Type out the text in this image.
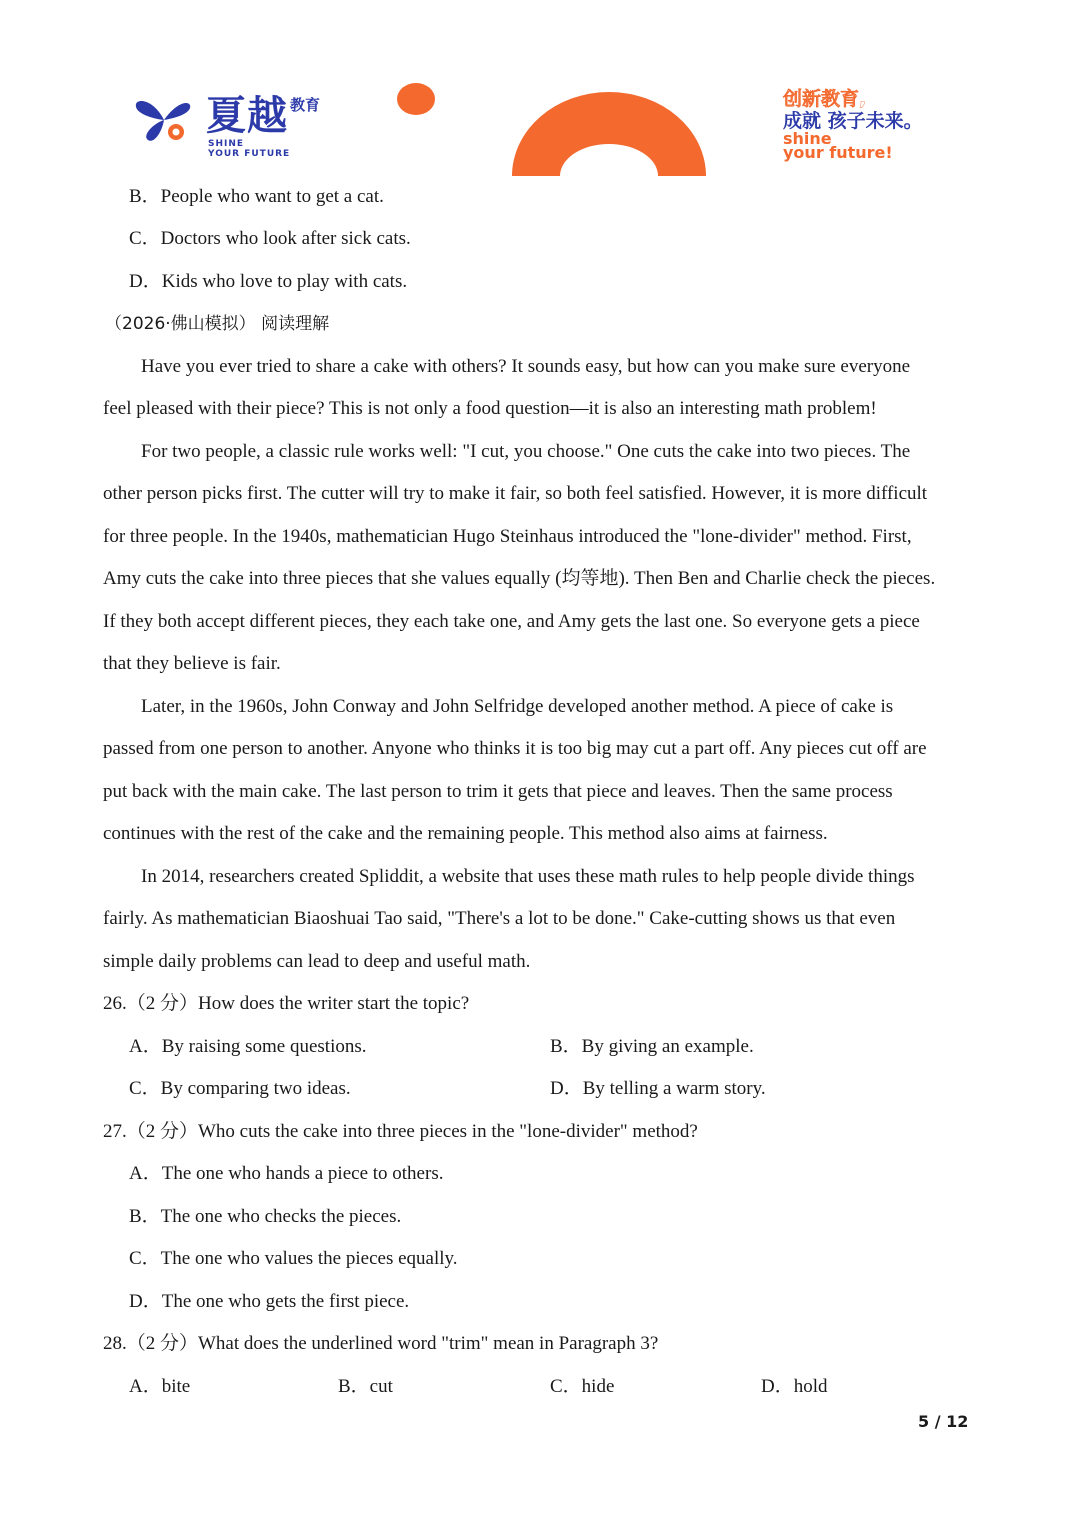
夏越 教育
SHINE
YOUR FUTURE
创新教育,
成就 孩子未来。
shine
your future!
B．People who want to get a cat.
C．Doctors who look after sick cats.
D．Kids who love to play with cats.
（2026·佛山模拟） 阅读理解
Have you ever tried to share a cake with others? It sounds easy, but how can you make sure everyone
feel pleased with their piece? This is not only a food question—it is also an interesting math problem!
For two people, a classic rule works well: "I cut, you choose." One cuts the cake into two pieces. The
other person picks first. The cutter will try to make it fair, so both feel satisfied. However, it is more difficult
for three people. In the 1940s, mathematician Hugo Steinhaus introduced the "lone-divider" method. First,
Amy cuts the cake into three pieces that she values equally (均等地). Then Ben and Charlie check the pieces.
If they both accept different pieces, they each take one, and Amy gets the last one. So everyone gets a piece
that they believe is fair.
Later, in the 1960s, John Conway and John Selfridge developed another method. A piece of cake is
passed from one person to another. Anyone who thinks it is too big may cut a part off. Any pieces cut off are
put back with the main cake. The last person to trim it gets that piece and leaves. Then the same process
continues with the rest of the cake and the remaining people. This method also aims at fairness.
In 2014, researchers created Spliddit, a website that uses these math rules to help people divide things
fairly. As mathematician Biaoshuai Tao said, "There's a lot to be done." Cake-cutting shows us that even
simple daily problems can lead to deep and useful math.
26.（2 分）How does the writer start the topic?
A．By raising some questions.	B．By giving an example.
C．By comparing two ideas.	D．By telling a warm story.
27.（2 分）Who cuts the cake into three pieces in the "lone-divider" method?
A．The one who hands a piece to others.
B．The one who checks the pieces.
C．The one who values the pieces equally.
D．The one who gets the first piece.
28.（2 分）What does the underlined word "trim" mean in Paragraph 3?
A．bite	B．cut	C．hide	D．hold
5 / 12
